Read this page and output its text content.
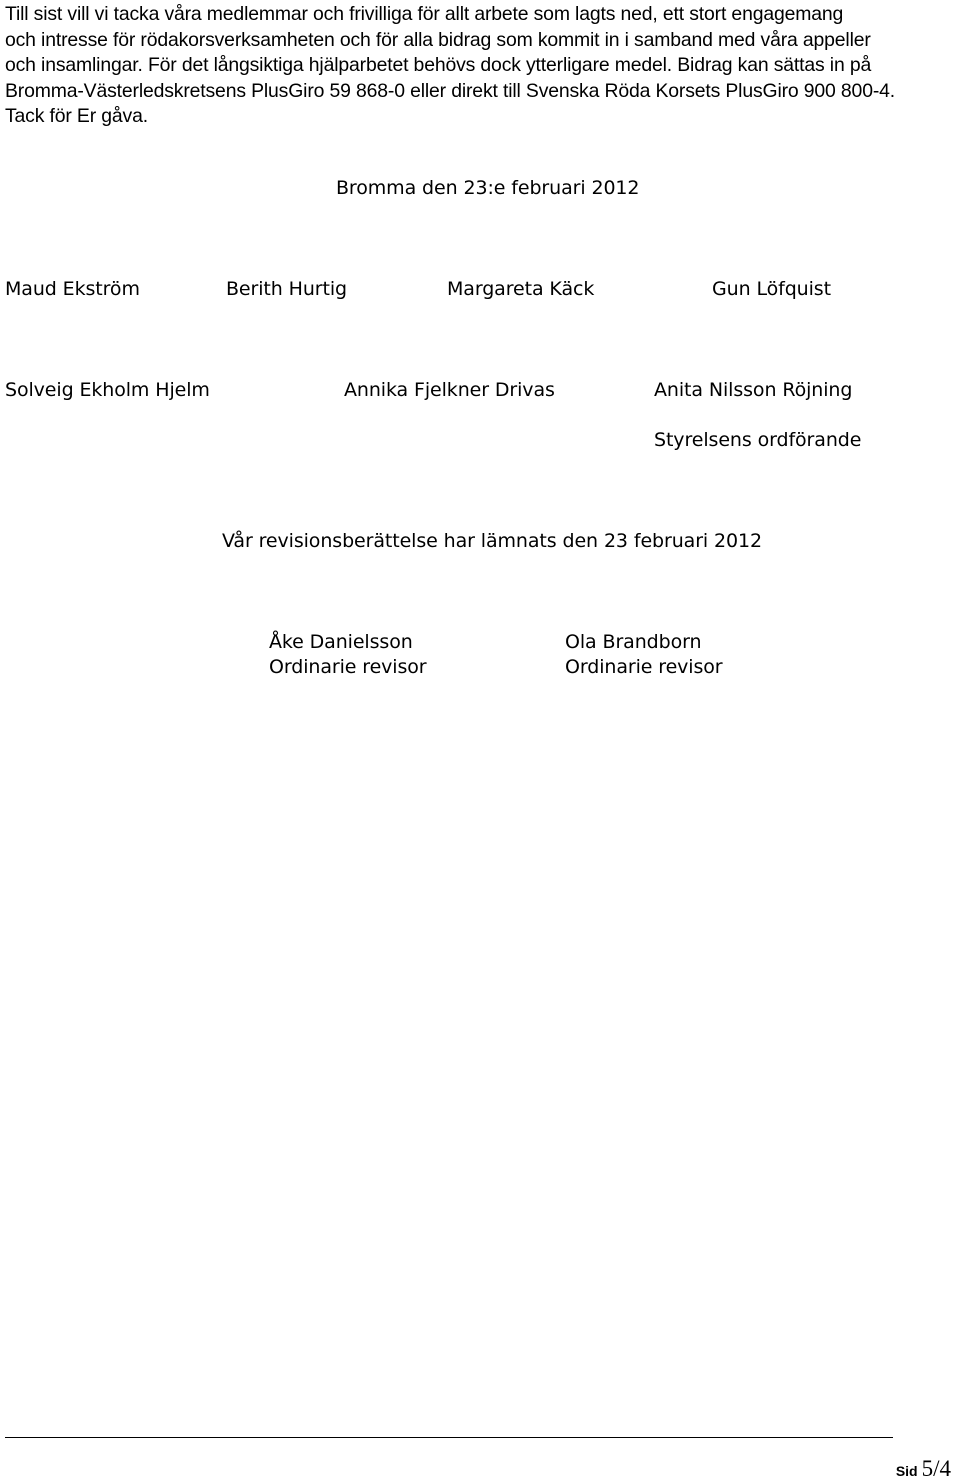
Till sist vill vi tacka våra medlemmar och frivilliga för allt arbete som lagts ned, ett stort engagemang
och intresse för rödakorsverksamheten och för alla bidrag som kommit in i samband med våra appeller
och insamlingar. För det långsiktiga hjälparbetet behövs dock ytterligare medel. Bidrag kan sättas in på
Bromma-Västerledskretsens PlusGiro 59 868-0 eller direkt till Svenska Röda Korsets PlusGiro 900 800-4.
Tack för Er gåva.
Bromma den 23:e februari 2012
Maud Ekström	Berith Hurtig	Margareta Käck	Gun Löfquist
Solveig Ekholm Hjelm	Annika Fjelkner Drivas	Anita Nilsson Röjning
Styrelsens ordförande
Vår revisionsberättelse har lämnats den 23 februari 2012
Åke Danielsson
Ordinarie revisor
Ola Brandborn
Ordinarie revisor
Sid 5/4
